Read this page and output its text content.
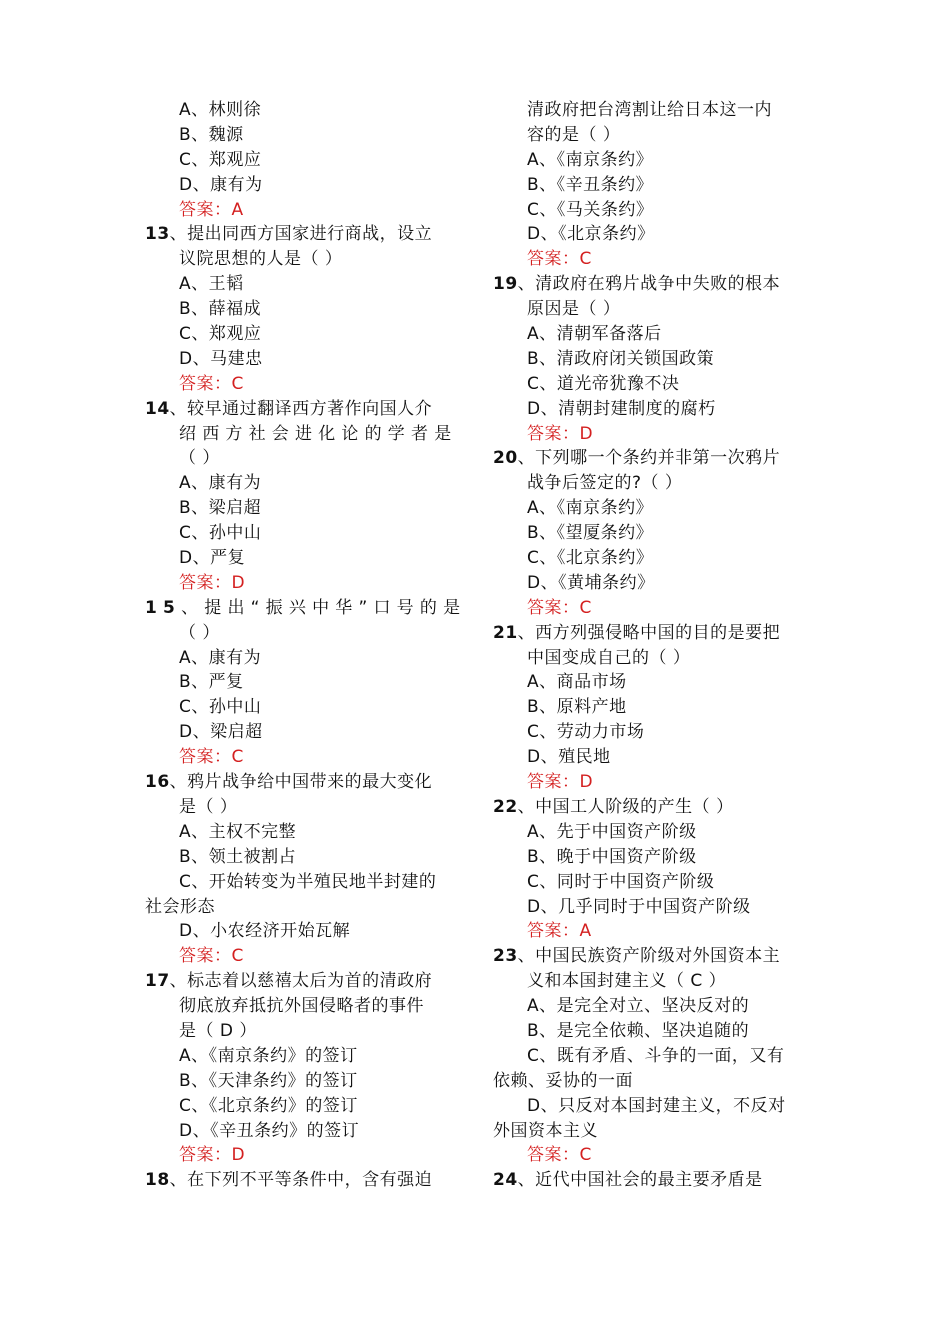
A、林则徐
B、魏源
C、郑观应
D、康有为
答案：A
13、提出同西方国家进行商战，设立
议院思想的人是（ ）
A、王韬
B、薛福成
C、郑观应
D、马建忠
答案：C
14、较早通过翻译西方著作向国人介
绍西方社会进化论的学者是
（ ）
A、康有为
B、梁启超
C、孙中山
D、严复
答案：D
15、提出“振兴中华”口号的是
（ ）
A、康有为
B、严复
C、孙中山
D、梁启超
答案：C
16、鸦片战争给中国带来的最大变化
是（ ）
A、主权不完整
B、领土被割占
C、开始转变为半殖民地半封建的
社会形态
D、小农经济开始瓦解
答案：C
17、标志着以慈禧太后为首的清政府
彻底放弃抵抗外国侵略者的事件
是（ D ）
A、《南京条约》的签订
B、《天津条约》的签订
C、《北京条约》的签订
D、《辛丑条约》的签订
答案：D
18、在下列不平等条件中，含有强迫
清政府把台湾割让给日本这一内
容的是（ ）
A、《南京条约》
B、《辛丑条约》
C、《马关条约》
D、《北京条约》
答案：C
19、清政府在鸦片战争中失败的根本
原因是（ ）
A、清朝军备落后
B、清政府闭关锁国政策
C、道光帝犹豫不决
D、清朝封建制度的腐朽
答案：D
20、下列哪一个条约并非第一次鸦片
战争后签定的?（ ）
A、《南京条约》
B、《望厦条约》
C、《北京条约》
D、《黄埔条约》
答案：C
21、西方列强侵略中国的目的是要把
中国变成自己的（ ）
A、商品市场
B、原料产地
C、劳动力市场
D、殖民地
答案：D
22、中国工人阶级的产生（ ）
A、先于中国资产阶级
B、晚于中国资产阶级
C、同时于中国资产阶级
D、几乎同时于中国资产阶级
答案：A
23、中国民族资产阶级对外国资本主
义和本国封建主义（ C ）
A、是完全对立、坚决反对的
B、是完全依赖、坚决追随的
C、既有矛盾、斗争的一面，又有
依赖、妥协的一面
D、只反对本国封建主义，不反对
外国资本主义
答案：C
24、近代中国社会的最主要矛盾是
